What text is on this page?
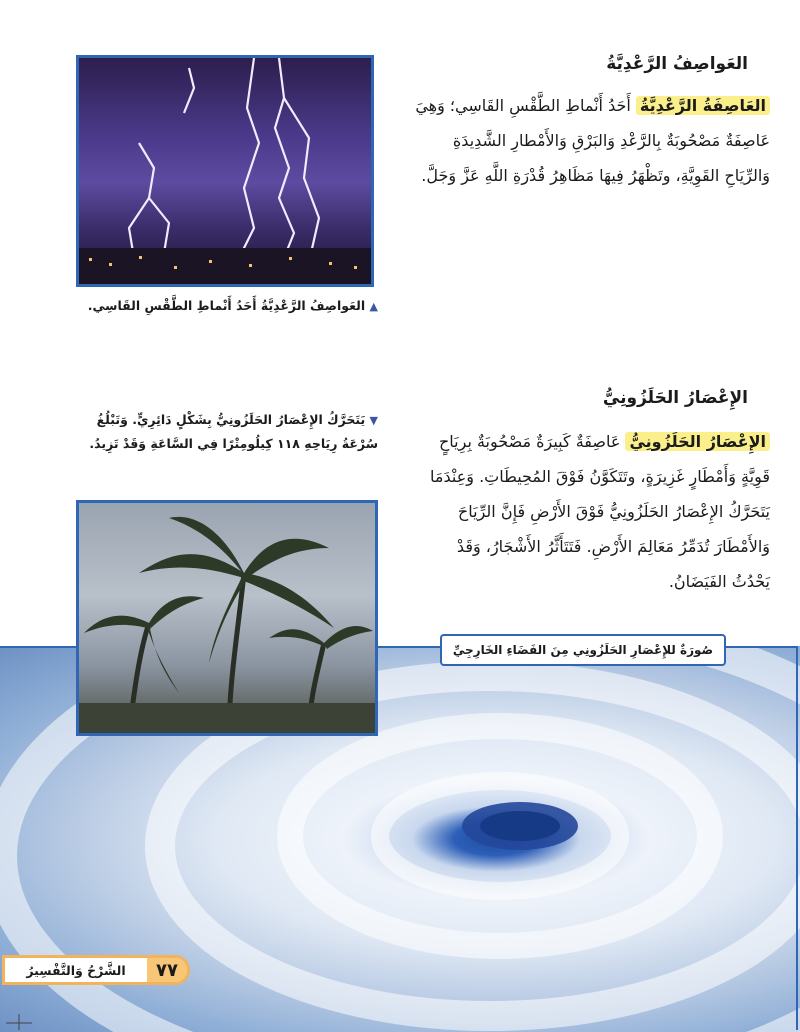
العَواصِفُ الرَّعْدِيَّةُ
العَاصِفَةُ الرَّعْدِيَّةُ أَحَدُ أَنْماطِ الطَّقْسِ القَاسِي؛ وَهِيَ عَاصِفَةٌ مَصْحُوبَةٌ بِالرَّعْدِ وَالبَرْقِ وَالأَمْطارِ الشَّدِيدَةِ وَالرِّيَاحِ القَوِيَّةِ، وتَظْهَرُ فِيهَا مَظَاهِرُ قُدْرَةِ اللَّهِ عَزَّ وَجَلَّ.
▲ العَواصِفُ الرَّعْدِيَّةُ أَحَدُ أَنْماطِ الطَّقْسِ القَاسِي.
الإِعْصَارُ الحَلَزُونِيُّ
الإِعْصَارُ الحَلَزُونِيُّ عَاصِفَةٌ كَبِيرَةٌ مَصْحُوبَةٌ بِرِيَاحٍ قَوِيَّةٍ وَأَمْطَارٍ غَزِيرَةٍ، وتَتَكَوَّنُ فَوْقَ المُحِيطَاتِ. وَعِنْدَمَا يَتَحَرَّكُ الإِعْصَارُ الحَلَزُونِيُّ فَوْقَ الأَرْضِ فَإِنَّ الرِّيَاحَ وَالأَمْطَارَ تُدَمِّرُ مَعَالِمَ الأَرْضِ. فَتَتَأَثَّرُ الأَشْجَارُ، وَقَدْ يَحْدُثُ الفَيَضَانُ.
▼ يَتَحَرَّكُ الإِعْصَارُ الحَلَزُونِيُّ بِشَكْلٍ دَائِرِيٍّ. وَتَبْلُغُ سُرْعَةُ رِيَاحِهِ ١١٨ كِيلُومِتْرًا فِي السَّاعَةِ وَقَدْ تَزِيدُ.
صُورَةٌ للإِعْصَارِ الحَلَزُونِي مِنَ الفَضَاءِ الخَارِجِيِّ
٧٧
الشَّرْحُ وَالتَّفْسِيرُ
